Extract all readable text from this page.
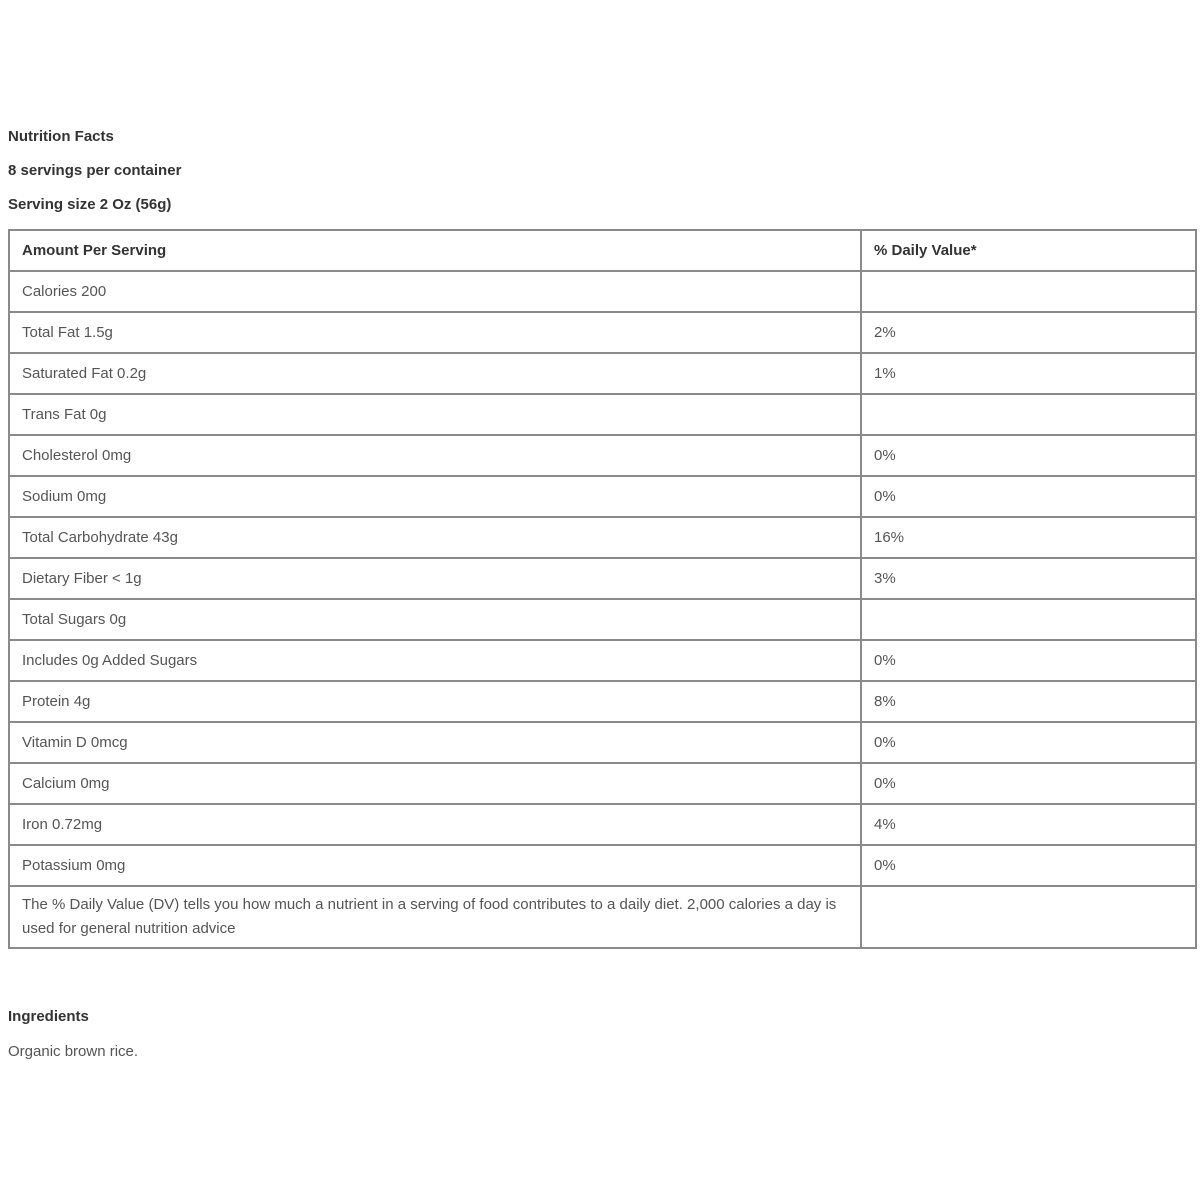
Nutrition Facts
8 servings per container
Serving size 2 Oz (56g)
Amount Per Serving	% Daily Value*
Calories 200	
Total Fat 1.5g	2%
Saturated Fat 0.2g	1%
Trans Fat 0g	
Cholesterol 0mg	0%
Sodium 0mg	0%
Total Carbohydrate 43g	16%
Dietary Fiber < 1g	3%
Total Sugars 0g	
Includes 0g Added Sugars	0%
Protein 4g	8%
Vitamin D 0mcg	0%
Calcium 0mg	0%
Iron 0.72mg	4%
Potassium 0mg	0%
The % Daily Value (DV) tells you how much a nutrient in a serving of food contributes to a daily diet. 2,000 calories a day is used for general nutrition advice	
Ingredients
Organic brown rice.
